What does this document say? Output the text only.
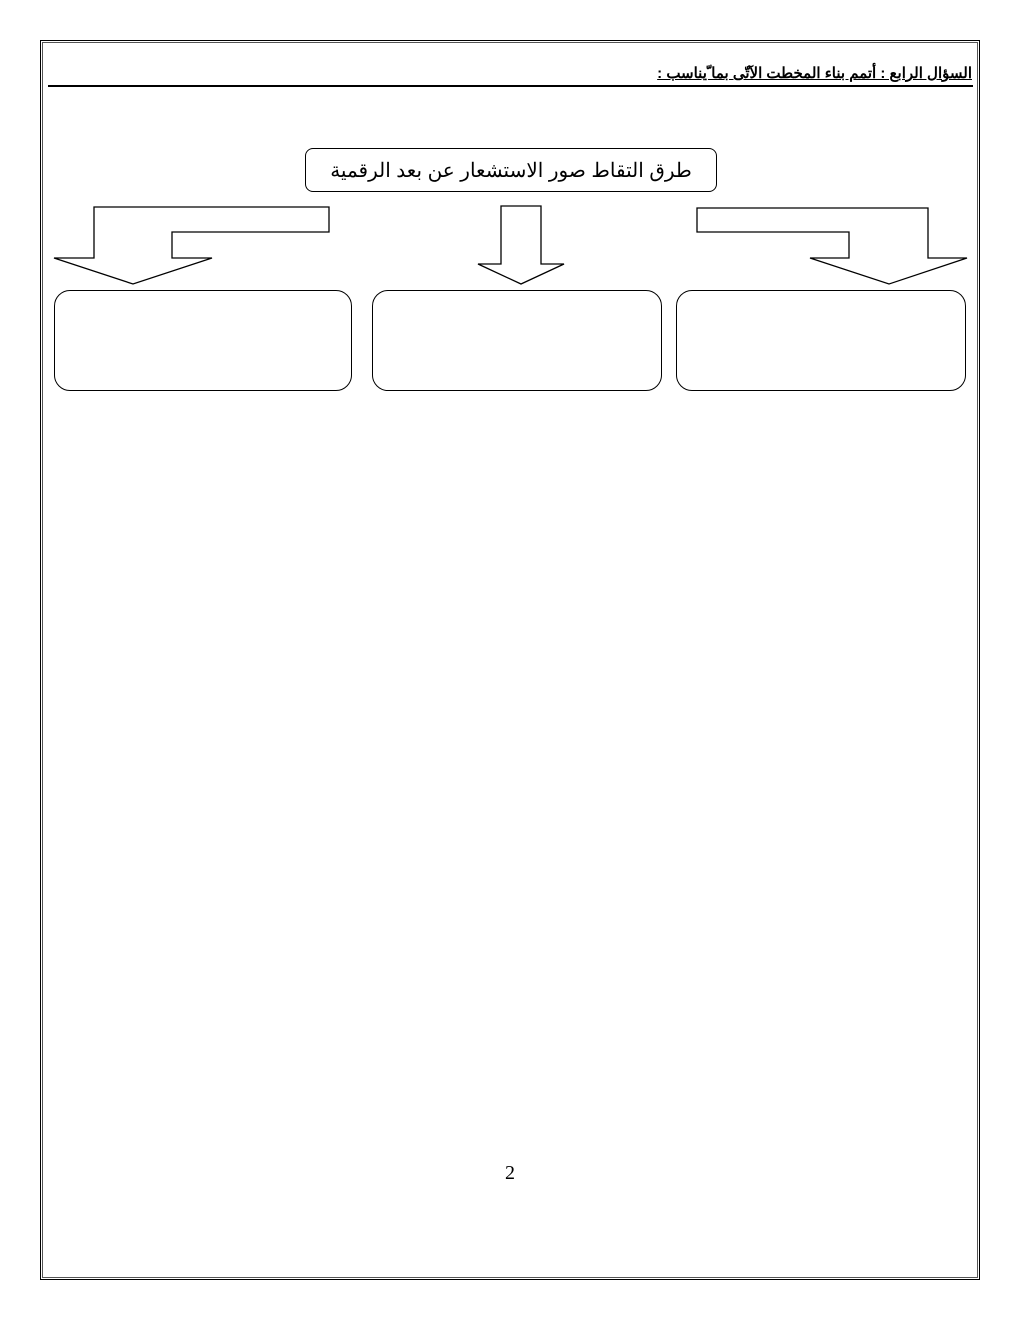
السؤال الرابع : أتمم بناء المخطت الآتّى بما ّيناسب :
طرق التقاط صور الاستشعار عن بعد الرقمية
2
